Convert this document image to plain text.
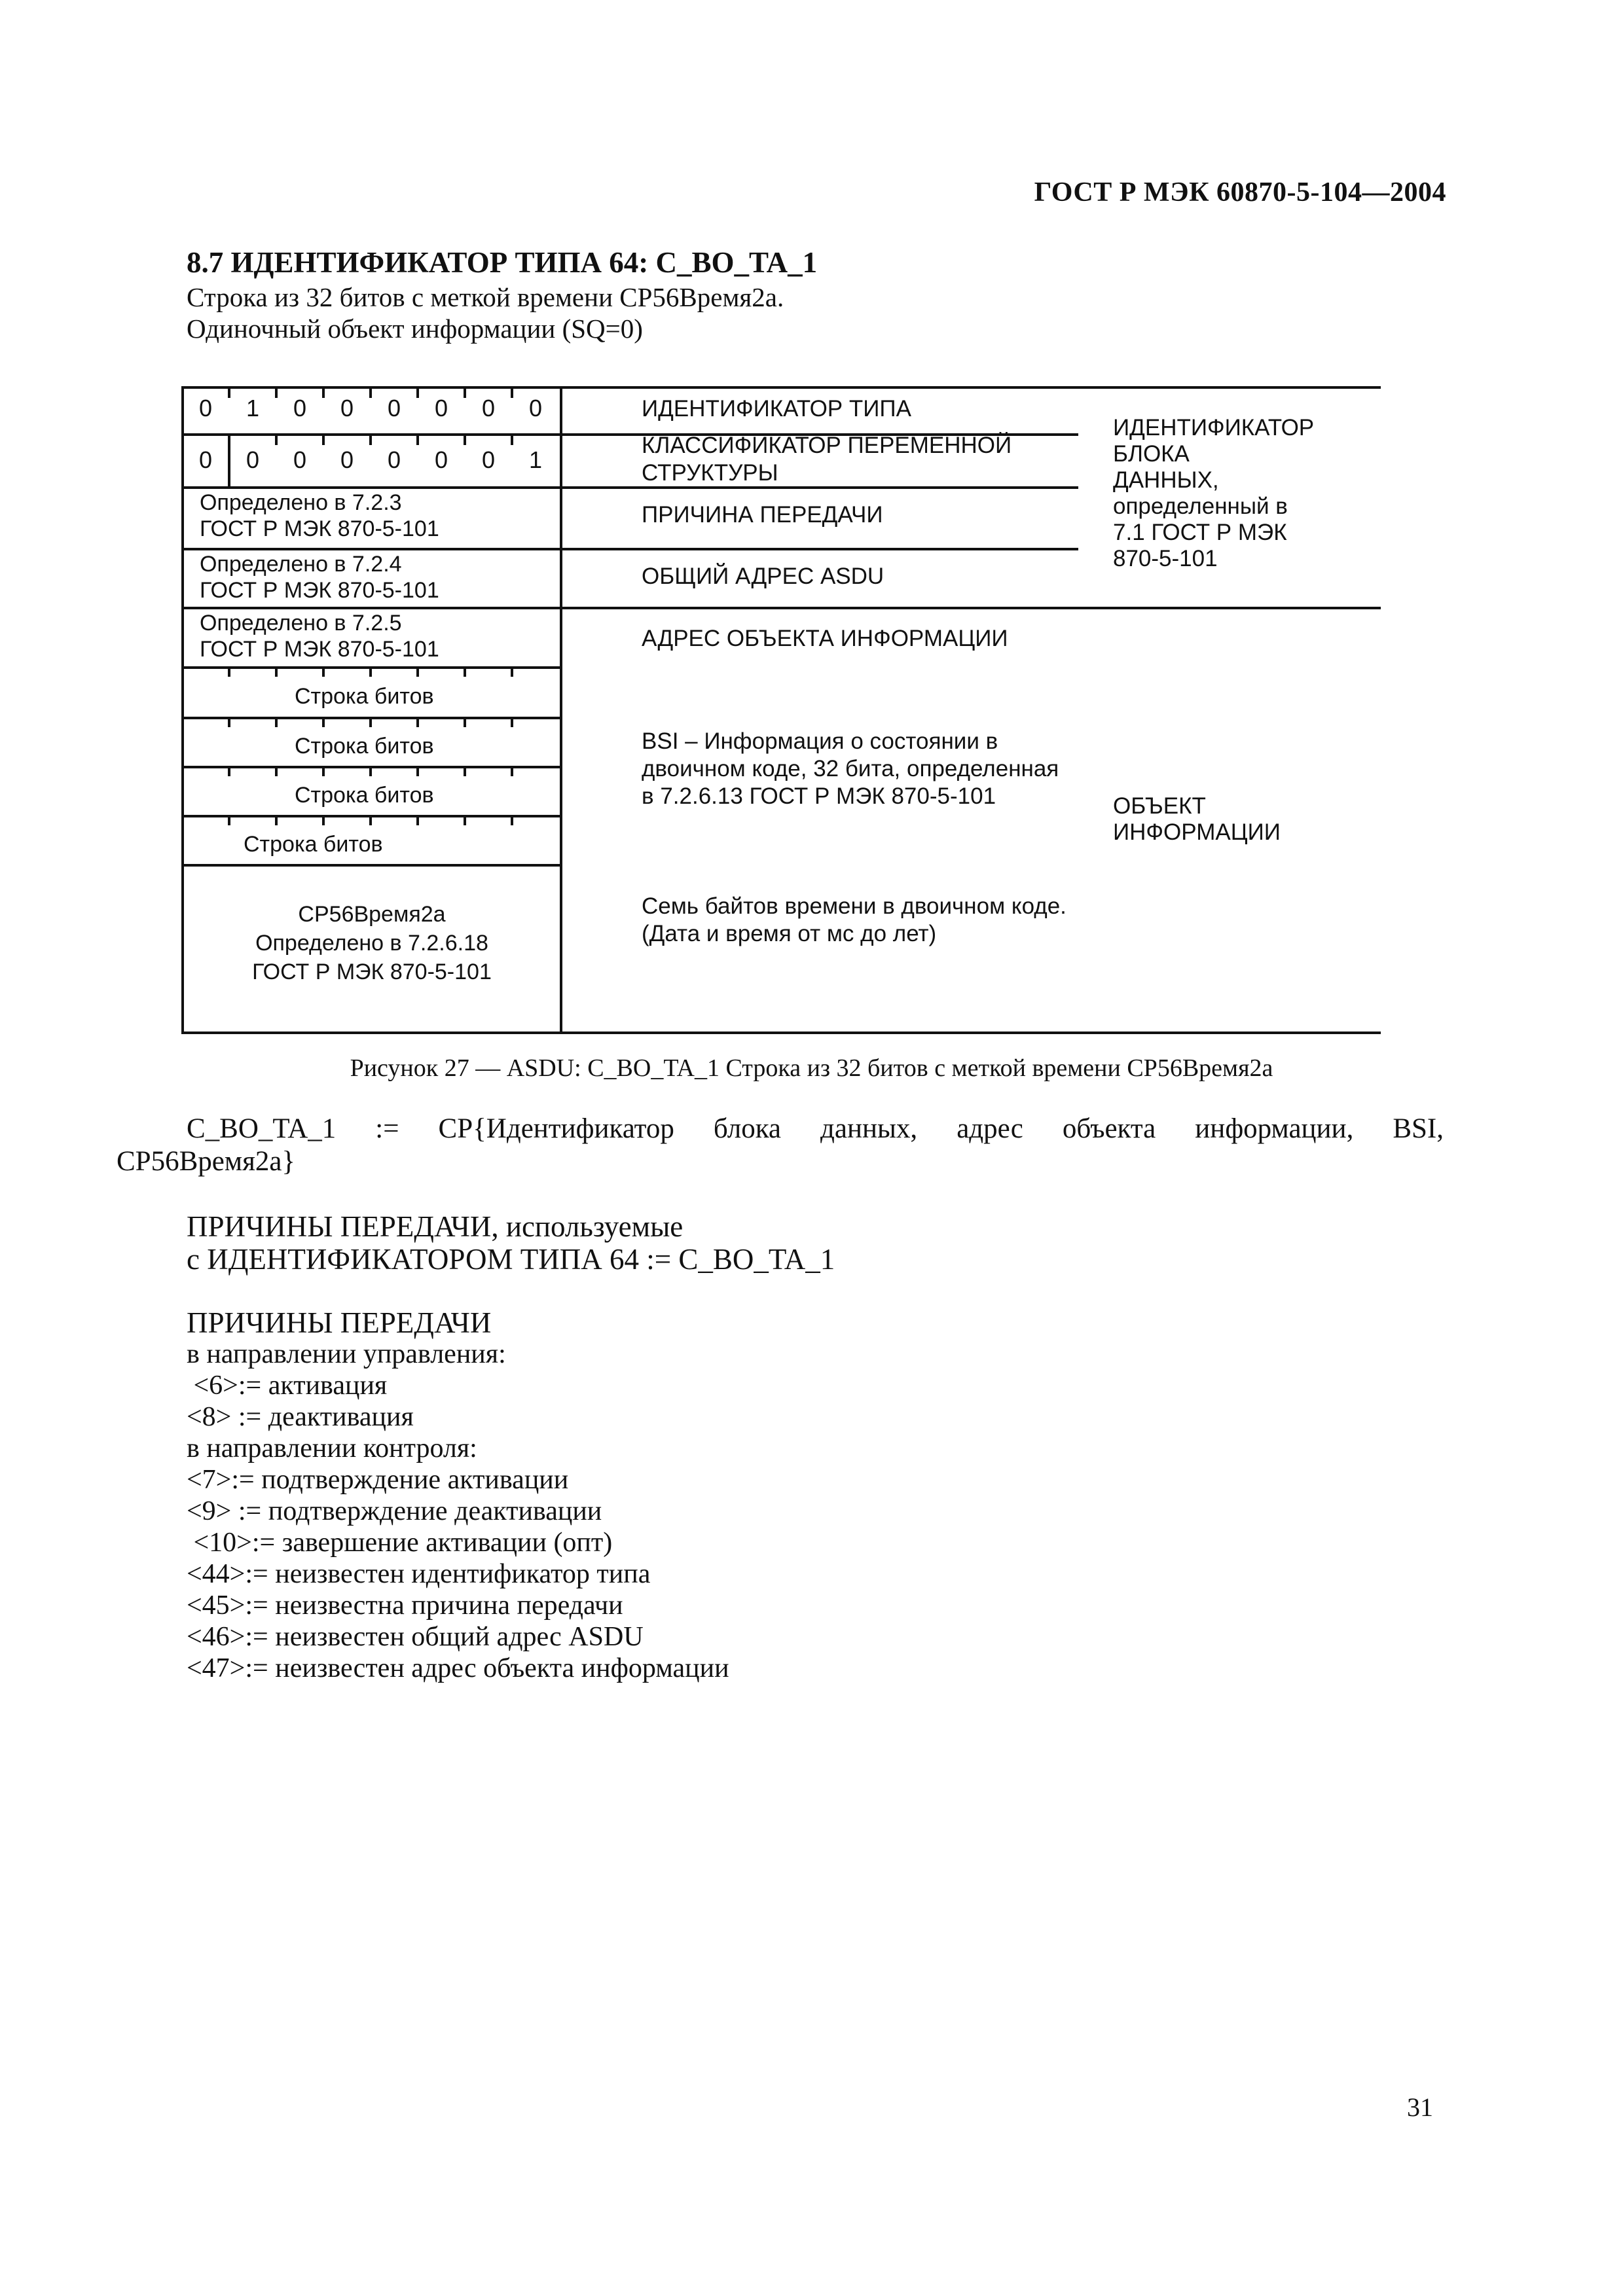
ГОСТ Р МЭК 60870-5-104—2004
8.7 ИДЕНТИФИКАТОР ТИПА 64: C_BO_TA_1
Строка из 32 битов с меткой времени CP56Время2a.
Одиночный объект информации (SQ=0)
0 1 0 0 0 0 0 0
0 0 0 0 0 0 0 1
Определено в 7.2.3
ГОСТ Р МЭК 870-5-101
Определено в 7.2.4
ГОСТ Р МЭК 870-5-101
Определено в 7.2.5
ГОСТ Р МЭК 870-5-101
Строка битов
Строка битов
Строка битов
Строка битов
CP56Время2a
Определено в 7.2.6.18
ГОСТ Р МЭК 870-5-101
ИДЕНТИФИКАТОР ТИПА
КЛАССИФИКАТОР ПЕРЕМЕННОЙ
СТРУКТУРЫ
ПРИЧИНА ПЕРЕДАЧИ
ОБЩИЙ АДРЕС ASDU
АДРЕС ОБЪЕКТА ИНФОРМАЦИИ
BSI – Информация о состоянии в
двоичном коде, 32 бита, определенная
в 7.2.6.13 ГОСТ Р МЭК 870-5-101
Семь байтов времени в двоичном коде.
(Дата и время от мс до лет)
ИДЕНТИФИКАТОР
БЛОКА
ДАННЫХ,
определенный в
7.1 ГОСТ Р МЭК
870-5-101
ОБЪЕКТ
ИНФОРМАЦИИ
Рисунок 27 — ASDU: C_BO_TA_1 Строка из 32 битов с меткой времени CP56Время2a
C_BO_TA_1 := CP{Идентификатор блока данных, адрес объекта информации, BSI,
CP56Время2a}
ПРИЧИНЫ ПЕРЕДАЧИ, используемые
с ИДЕНТИФИКАТОРОМ ТИПА 64 := C_BO_TA_1
ПРИЧИНЫ ПЕРЕДАЧИ
в направлении управления:
<6>:= активация
<8> := деактивация
в направлении контроля:
<7>:= подтверждение активации
<9> := подтверждение деактивации
<10>:= завершение активации (опт)
<44>:= неизвестен идентификатор типа
<45>:= неизвестна причина передачи
<46>:= неизвестен общий адрес ASDU
<47>:= неизвестен адрес объекта информации
31
